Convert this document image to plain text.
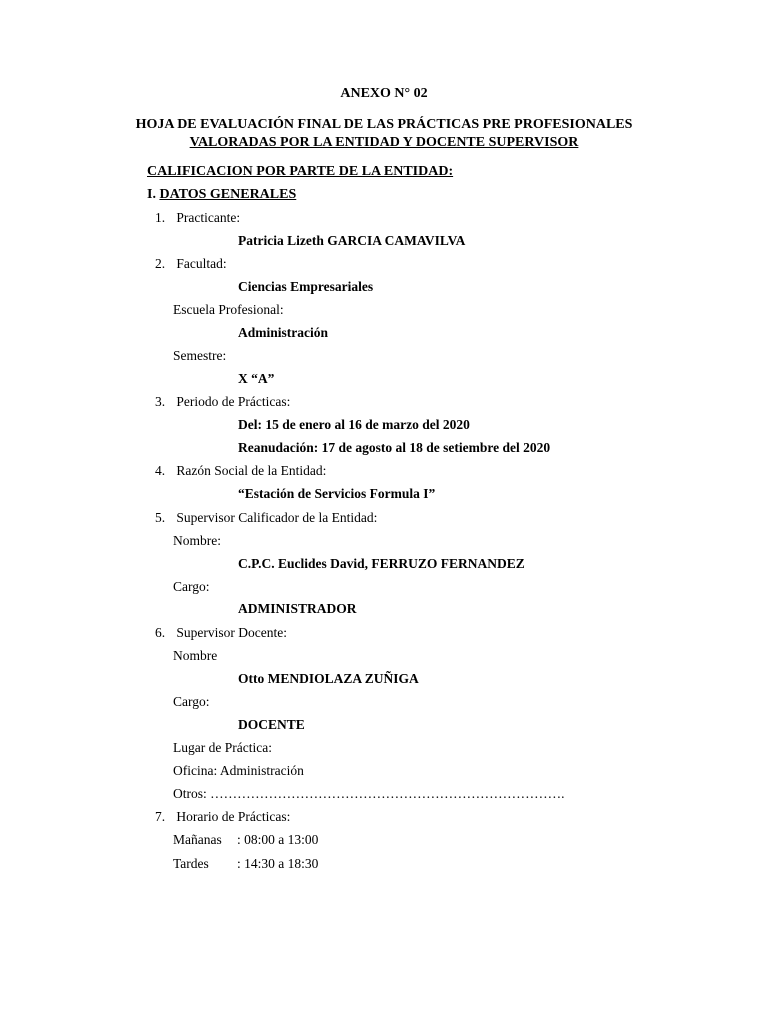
ANEXO N° 02
HOJA DE EVALUACIÓN FINAL DE LAS PRÁCTICAS PRE PROFESIONALES
VALORADAS POR LA ENTIDAD Y DOCENTE SUPERVISOR
CALIFICACION POR PARTE DE LA ENTIDAD:
I. DATOS GENERALES
1. Practicante:
Patricia Lizeth GARCIA CAMAVILVA
2. Facultad:
Ciencias Empresariales
Escuela Profesional:
Administración
Semestre:
X “A”
3. Periodo de Prácticas:
Del: 15 de enero al 16 de marzo del 2020
Reanudación: 17 de agosto al 18 de setiembre del 2020
4. Razón Social de la Entidad:
“Estación de Servicios Formula I”
5. Supervisor Calificador de la Entidad:
Nombre:
C.P.C. Euclides David, FERRUZO FERNANDEZ
Cargo:
ADMINISTRADOR
6. Supervisor Docente:
Nombre
Otto MENDIOLAZA ZUÑIGA
Cargo:
DOCENTE
Lugar de Práctica:
Oficina: Administración
Otros: …………………………………………………………………….
7. Horario de Prácticas:
Mañanas : 08:00 a 13:00
Tardes : 14:30 a 18:30
